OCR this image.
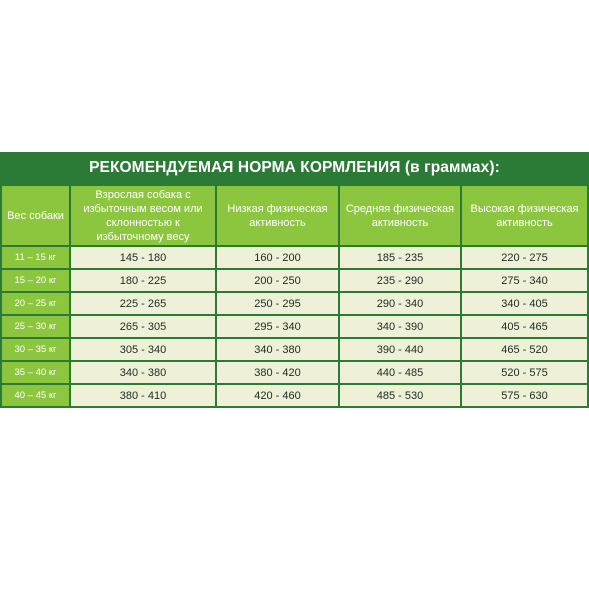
РЕКОМЕНДУЕМАЯ НОРМА КОРМЛЕНИЯ (в граммах):
Вес собаки	Взрослая собака с избыточным весом или склонностью к избыточному весу	Низкая физическая активность	Средняя физическая активность	Высокая физическая активность
11 – 15 кг	145 - 180	160 - 200	185 - 235	220 - 275
15 – 20 кг	180 - 225	200 - 250	235 - 290	275 - 340
20 – 25 кг	225 - 265	250 - 295	290 - 340	340 - 405
25 – 30 кг	265 - 305	295 - 340	340 - 390	405 - 465
30 – 35 кг	305 - 340	340 - 380	390 - 440	465 - 520
35 – 40 кг	340 - 380	380 - 420	440 - 485	520 - 575
40 – 45 кг	380 - 410	420 - 460	485 - 530	575 - 630
